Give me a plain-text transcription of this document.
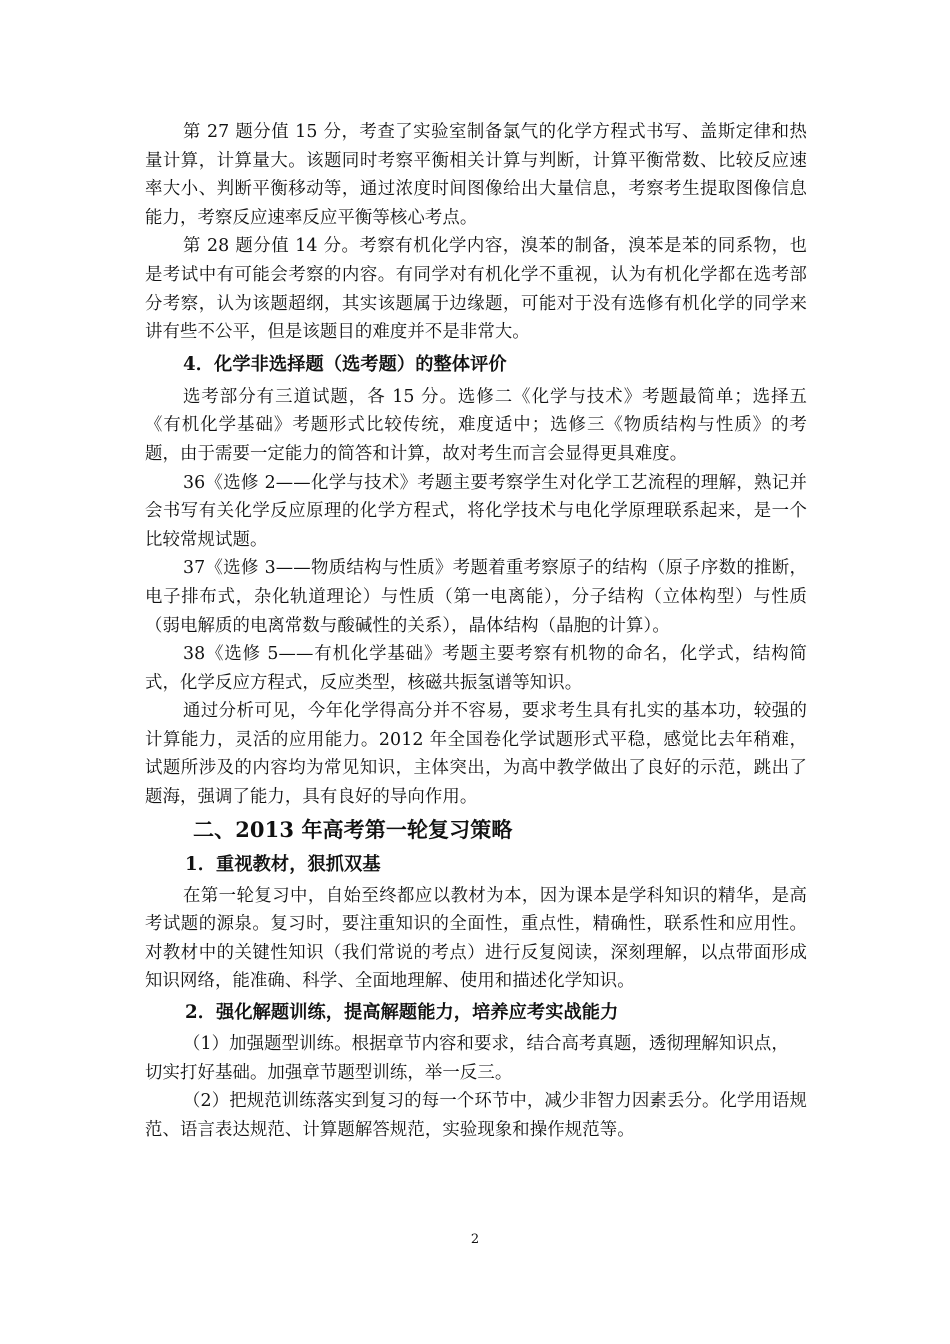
第 27 题分值 15 分，考查了实验室制备氯气的化学方程式书写、盖斯定律和热量计算，计算量大。该题同时考察平衡相关计算与判断，计算平衡常数、比较反应速率大小、判断平衡移动等，通过浓度时间图像给出大量信息，考察考生提取图像信息能力，考察反应速率反应平衡等核心考点。

第 28 题分值 14 分。考察有机化学内容，溴苯的制备，溴苯是苯的同系物，也是考试中有可能会考察的内容。有同学对有机化学不重视，认为有机化学都在选考部分考察，认为该题超纲，其实该题属于边缘题，可能对于没有选修有机化学的同学来讲有些不公平，但是该题目的难度并不是非常大。

4．化学非选择题（选考题）的整体评价

选考部分有三道试题，各 15 分。选修二《化学与技术》考题最简单；选择五《有机化学基础》考题形式比较传统，难度适中；选修三《物质结构与性质》的考题，由于需要一定能力的简答和计算，故对考生而言会显得更具难度。

36《选修 2——化学与技术》考题主要考察学生对化学工艺流程的理解，熟记并会书写有关化学反应原理的化学方程式，将化学技术与电化学原理联系起来，是一个比较常规试题。

37《选修 3——物质结构与性质》考题着重考察原子的结构（原子序数的推断，电子排布式，杂化轨道理论）与性质（第一电离能），分子结构（立体构型）与性质（弱电解质的电离常数与酸碱性的关系），晶体结构（晶胞的计算）。

38《选修 5——有机化学基础》考题主要考察有机物的命名，化学式，结构简式，化学反应方程式，反应类型，核磁共振氢谱等知识。

通过分析可见，今年化学得高分并不容易，要求考生具有扎实的基本功，较强的计算能力，灵活的应用能力。2012 年全国卷化学试题形式平稳，感觉比去年稍难，试题所涉及的内容均为常见知识，主体突出，为高中教学做出了良好的示范，跳出了题海，强调了能力，具有良好的导向作用。

二、2013 年高考第一轮复习策略

1．重视教材，狠抓双基

在第一轮复习中，自始至终都应以教材为本，因为课本是学科知识的精华，是高考试题的源泉。复习时，要注重知识的全面性，重点性，精确性，联系性和应用性。对教材中的关键性知识（我们常说的考点）进行反复阅读，深刻理解，以点带面形成知识网络，能准确、科学、全面地理解、使用和描述化学知识。

2．强化解题训练，提高解题能力，培养应考实战能力

（1）加强题型训练。根据章节内容和要求，结合高考真题，透彻理解知识点，

切实打好基础。加强章节题型训练，举一反三。

（2）把规范训练落实到复习的每一个环节中，减少非智力因素丢分。化学用语规范、语言表达规范、计算题解答规范，实验现象和操作规范等。

2
